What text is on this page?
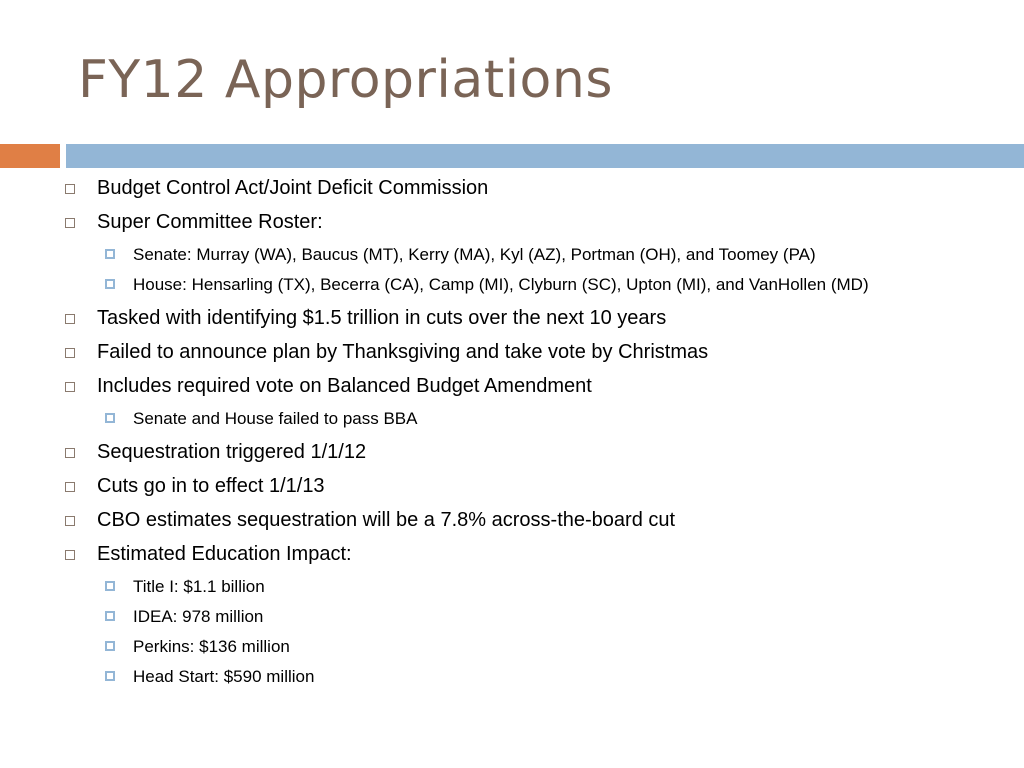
FY12 Appropriations
Budget Control Act/Joint Deficit Commission
Super Committee Roster:
Senate: Murray (WA), Baucus (MT), Kerry (MA), Kyl (AZ), Portman (OH), and Toomey (PA)
House: Hensarling (TX), Becerra (CA), Camp (MI), Clyburn (SC), Upton (MI), and VanHollen (MD)
Tasked with identifying $1.5 trillion in cuts over the next 10 years
Failed to announce plan by Thanksgiving and take vote by Christmas
Includes required vote on Balanced Budget Amendment
Senate and House failed to pass BBA
Sequestration triggered 1/1/12
Cuts go in to effect 1/1/13
CBO estimates sequestration will be a 7.8% across-the-board cut
Estimated Education Impact:
Title I: $1.1 billion
IDEA: 978 million
Perkins: $136 million
Head Start: $590 million
